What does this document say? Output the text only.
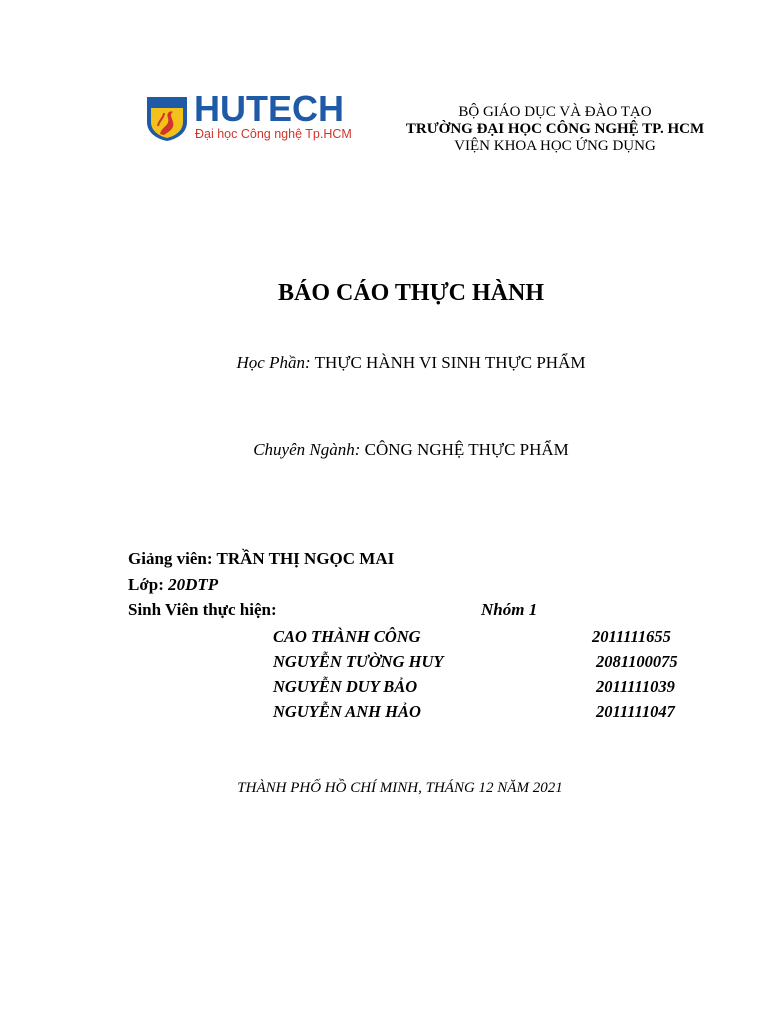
HUTECH
Đại học Công nghệ Tp.HCM
BỘ GIÁO DỤC VÀ ĐÀO TẠO
TRƯỜNG ĐẠI HỌC CÔNG NGHỆ TP. HCM
VIỆN KHOA HỌC ỨNG DỤNG
BÁO CÁO THỰC HÀNH
Học Phần: THỰC HÀNH VI SINH THỰC PHẨM
Chuyên Ngành: CÔNG NGHỆ THỰC PHẨM
Giảng viên: TRẦN THỊ NGỌC MAI
Lớp: 20DTP
Sinh Viên thực hiện:	Nhóm 1
CAO THÀNH CÔNG	2011111655
NGUYỄN TƯỜNG HUY	2081100075
NGUYỄN DUY BẢO	2011111039
NGUYỄN ANH HẢO	2011111047
THÀNH PHỐ HỒ CHÍ MINH, THÁNG 12 NĂM 2021
